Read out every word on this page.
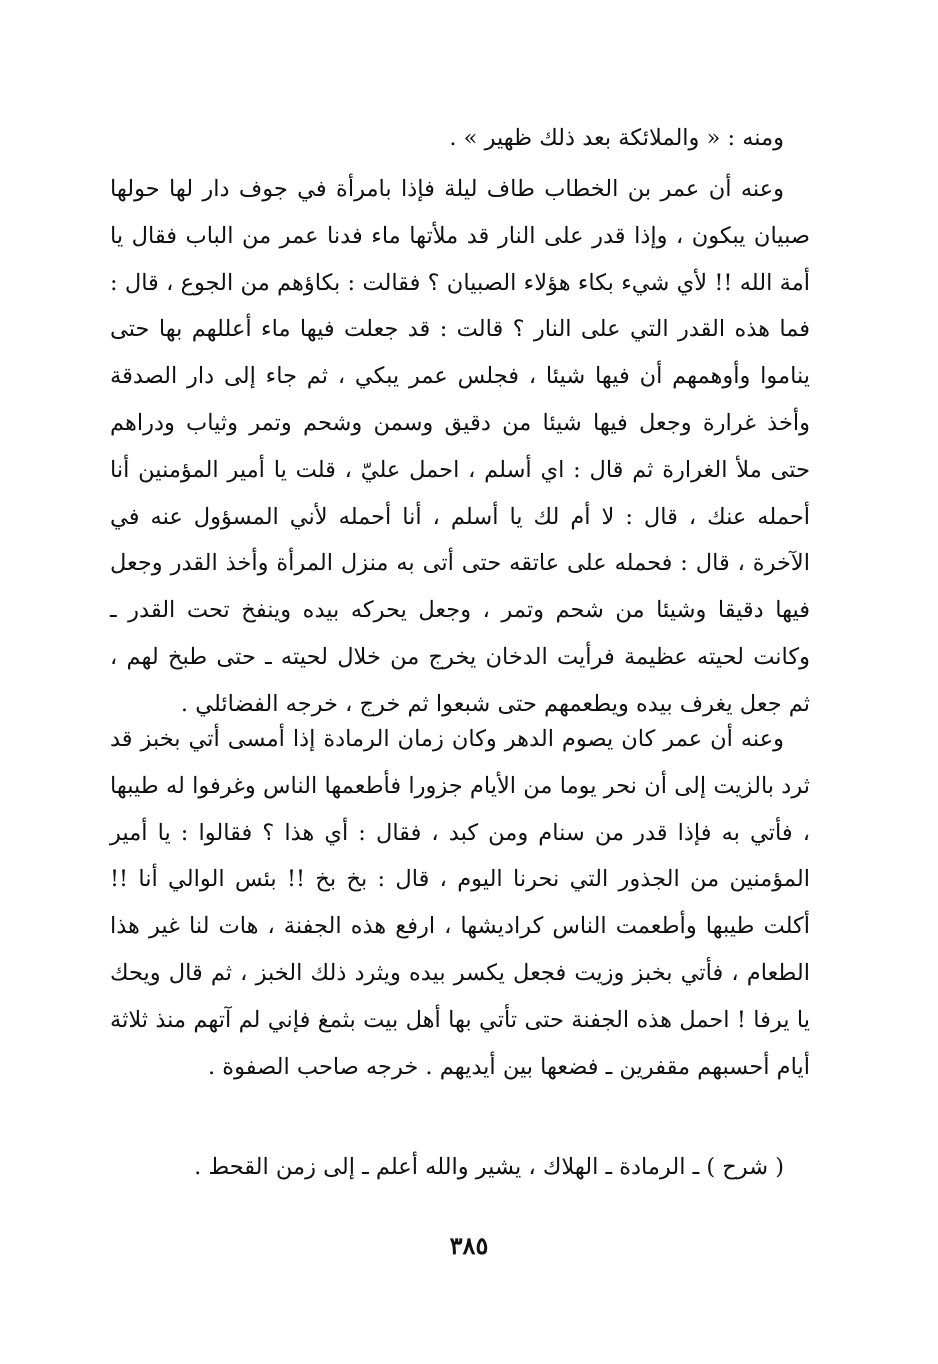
ومنه : « والملائكة بعد ذلك ظهير » .

وعنه أن عمر بن الخطاب طاف ليلة فإذا بامرأة في جوف دار لها حولها صبيان يبكون ، وإذا قدر على النار قد ملأتها ماء فدنا عمر من الباب فقال يا أمة الله !! لأي شيء بكاء هؤلاء الصبيان ؟ فقالت : بكاؤهم من الجوع ، قال : فما هذه القدر التي على النار ؟ قالت : قد جعلت فيها ماء أعللهم بها حتى يناموا وأوهمهم أن فيها شيئا ، فجلس عمر يبكي ، ثم جاء إلى دار الصدقة وأخذ غرارة وجعل فيها شيئا من دقيق وسمن وشحم وتمر وثياب ودراهم حتى ملأ الغرارة ثم قال : اي أسلم ، احمل عليّ ، قلت يا أمير المؤمنين أنا أحمله عنك ، قال : لا أم لك يا أسلم ، أنا أحمله لأني المسؤول عنه في الآخرة ، قال : فحمله على عاتقه حتى أتى به منزل المرأة وأخذ القدر وجعل فيها دقيقا وشيئا من شحم وتمر ، وجعل يحركه بيده وينفخ تحت القدر ـ وكانت لحيته عظيمة فرأيت الدخان يخرج من خلال لحيته ـ حتى طبخ لهم ، ثم جعل يغرف بيده ويطعمهم حتى شبعوا ثم خرج ، خرجه الفضائلي .

وعنه أن عمر كان يصوم الدهر وكان زمان الرمادة إذا أمسى أتي بخبز قد ثرد بالزيت إلى أن نحر يوما من الأيام جزورا فأطعمها الناس وغرفوا له طيبها ، فأتي به فإذا قدر من سنام ومن كبد ، فقال : أي هذا ؟ فقالوا : يا أمير المؤمنين من الجذور التي نحرنا اليوم ، قال : بخ بخ !! بئس الوالي أنا !! أكلت طيبها وأطعمت الناس كراديشها ، ارفع هذه الجفنة ، هات لنا غير هذا الطعام ، فأتي بخبز وزيت فجعل يكسر بيده ويثرد ذلك الخبز ، ثم قال ويحك يا يرفا ! احمل هذه الجفنة حتى تأتي بها أهل بيت بثمغ فإني لم آتهم منذ ثلاثة أيام أحسبهم مقفرين ـ فضعها بين أيديهم . خرجه صاحب الصفوة .

( شرح ) ـ الرمادة ـ الهلاك ، يشير والله أعلم ـ إلى زمن القحط .

٣٨٥
